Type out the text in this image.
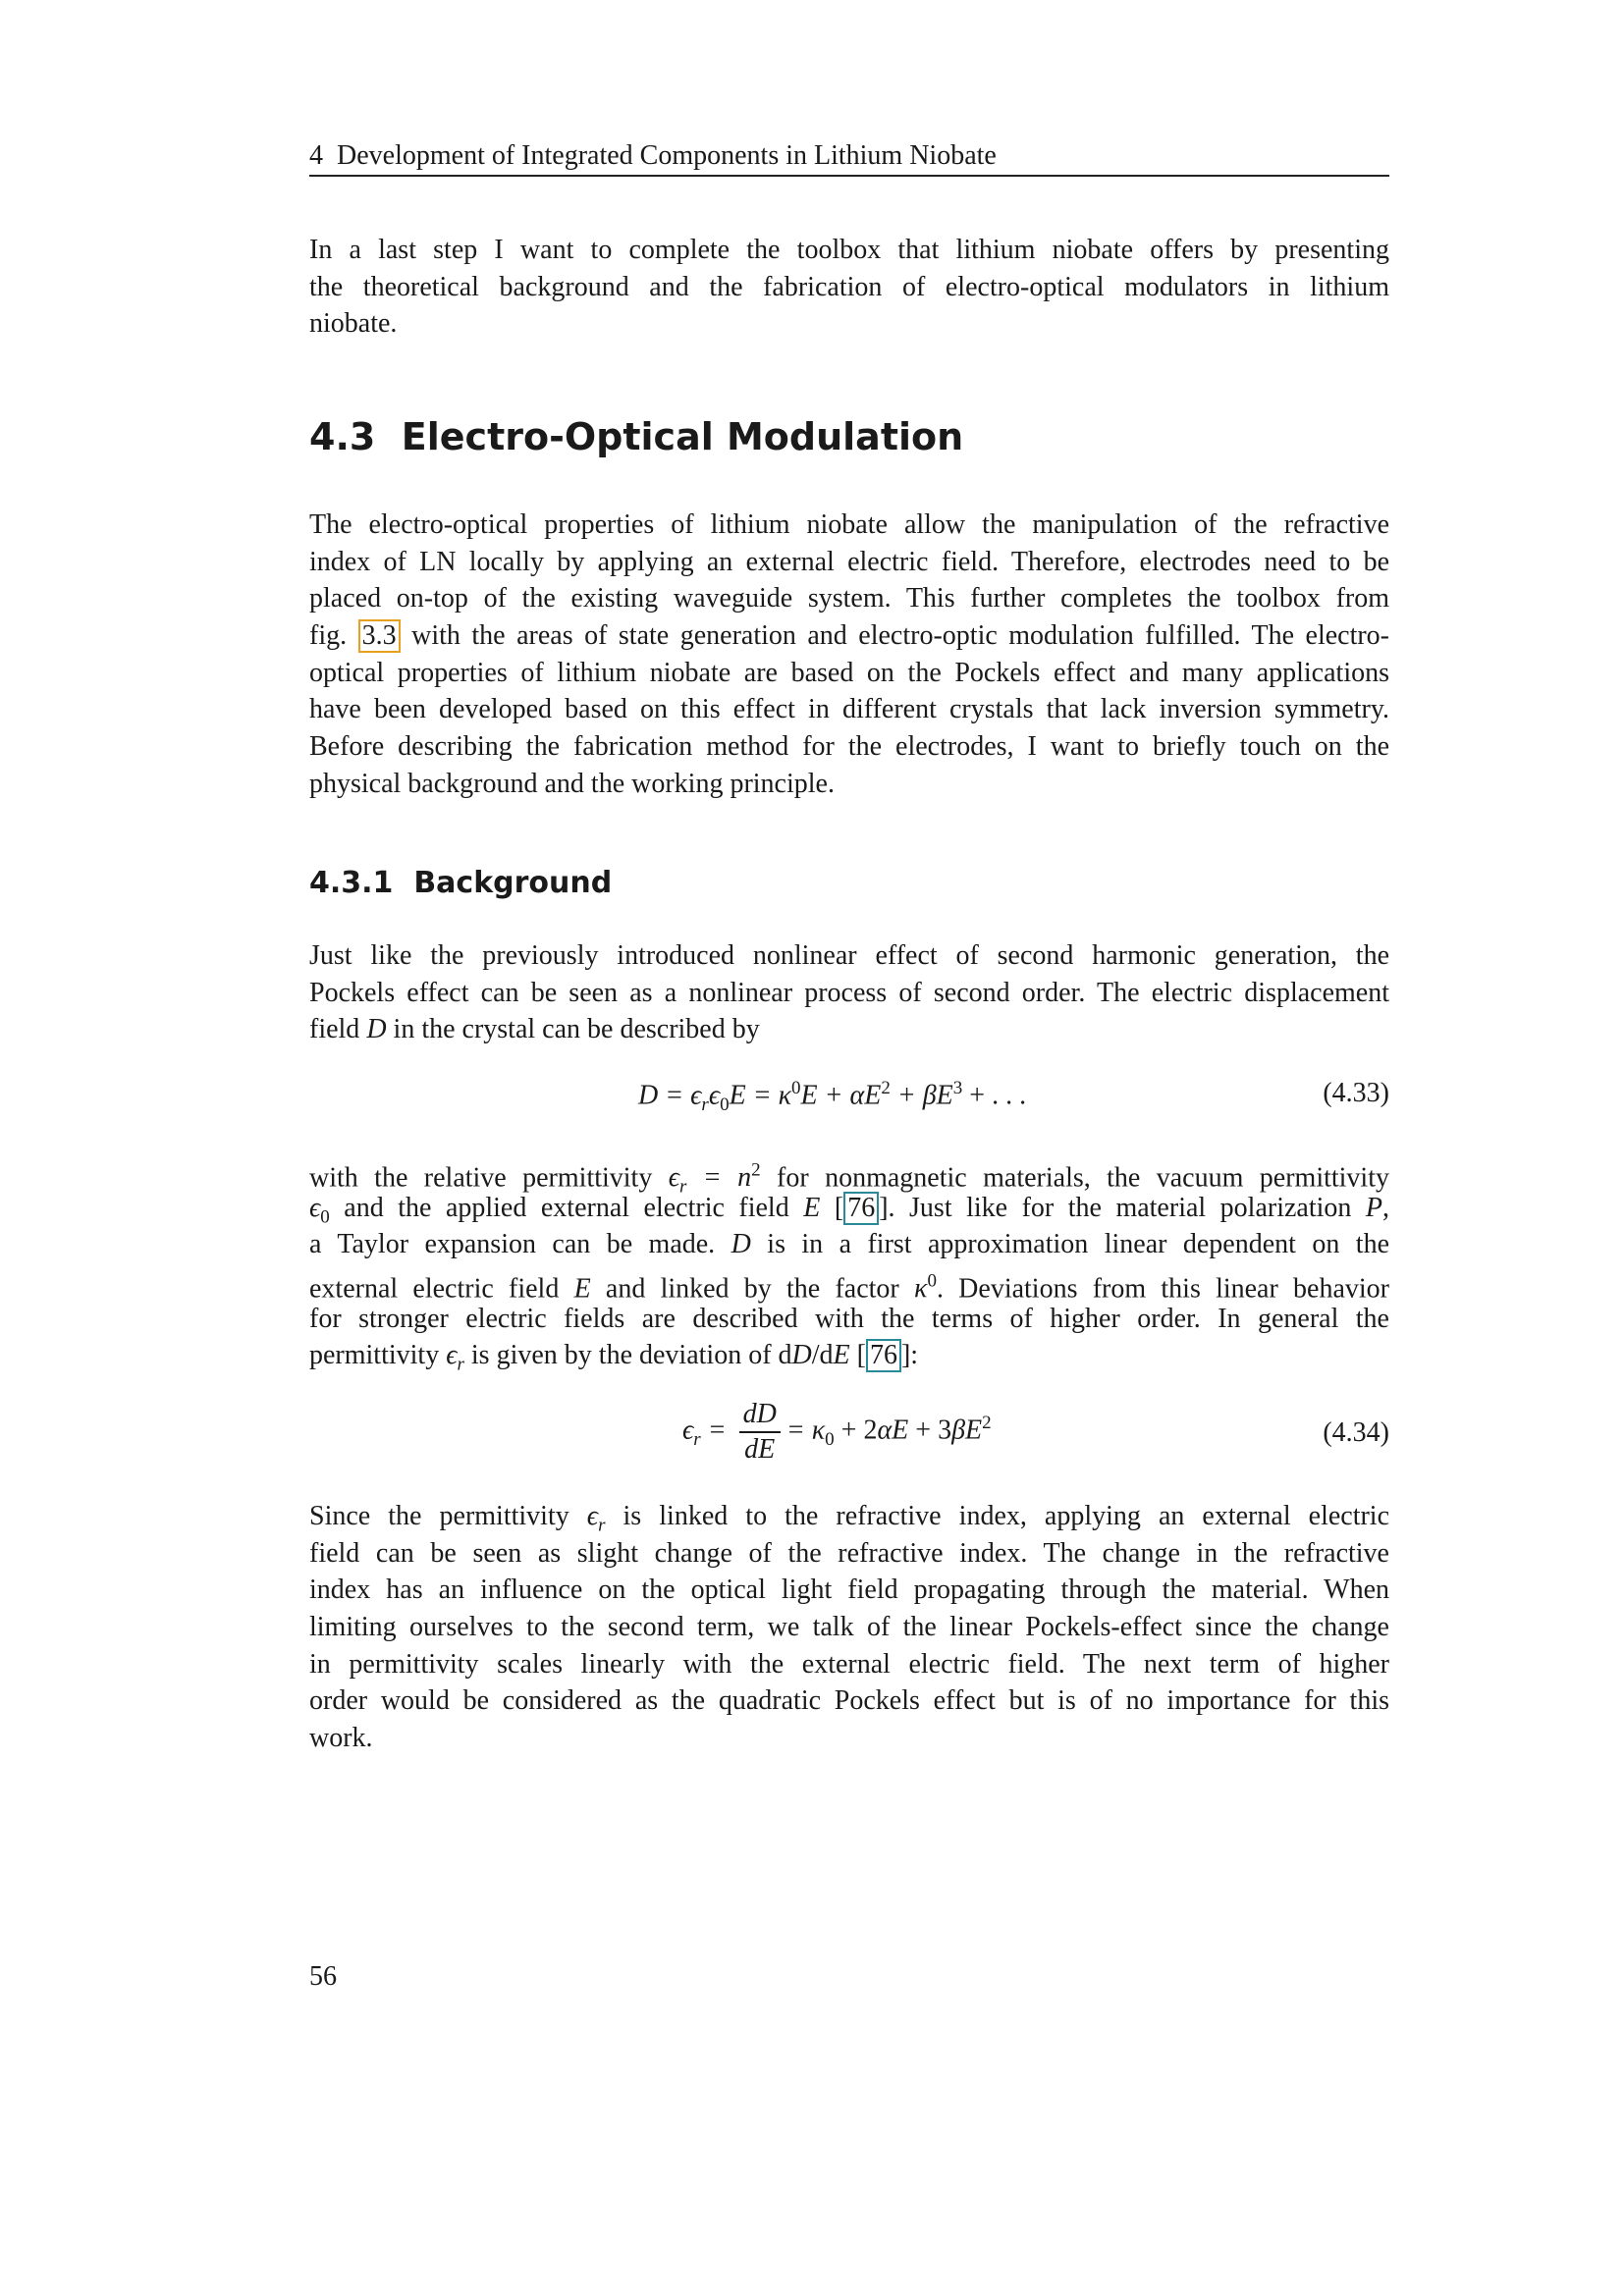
4 Development of Integrated Components in Lithium Niobate
In a last step I want to complete the toolbox that lithium niobate offers by presenting
the theoretical background and the fabrication of electro-optical modulators in lithium
niobate.
4.3 Electro-Optical Modulation
The electro-optical properties of lithium niobate allow the manipulation of the refractive
index of LN locally by applying an external electric field. Therefore, electrodes need to be
placed on-top of the existing waveguide system. This further completes the toolbox from
fig. 3.3 with the areas of state generation and electro-optic modulation fulfilled. The electro-
optical properties of lithium niobate are based on the Pockels effect and many applications
have been developed based on this effect in different crystals that lack inversion symmetry.
Before describing the fabrication method for the electrodes, I want to briefly touch on the
physical background and the working principle.
4.3.1 Background
Just like the previously introduced nonlinear effect of second harmonic generation, the
Pockels effect can be seen as a nonlinear process of second order. The electric displacement
field D in the crystal can be described by
$D = \epsilon_r\epsilon_0E = \kappa^0E + \alpha E^2 + \beta E^3$ + . . .	(4.33)
with the relative permittivity $\epsilon_r = n^2$ for nonmagnetic materials, the vacuum permittivity
$\epsilon_0$ and the applied external electric field E [ 76 ]. Just like for the material polarization P,
a Taylor expansion can be made. D is in a first approximation linear dependent on the
external electric field E and linked by the factor $\kappa^0$. Deviations from this linear behavior
for stronger electric fields are described with the terms of higher order. In general the
permittivity $\epsilon_r$ is given by the deviation of dD/dE [ 76 ]:
$\epsilon_r = \frac{dD}{dE} = \kappa_0 + 2\alpha E + 3\beta E^2$	(4.34)
Since the permittivity $\epsilon_r$ is linked to the refractive index, applying an external electric
field can be seen as slight change of the refractive index. The change in the refractive
index has an influence on the optical light field propagating through the material. When
limiting ourselves to the second term, we talk of the linear Pockels-effect since the change
in permittivity scales linearly with the external electric field. The next term of higher
order would be considered as the quadratic Pockels effect but is of no importance for this
work.
56
